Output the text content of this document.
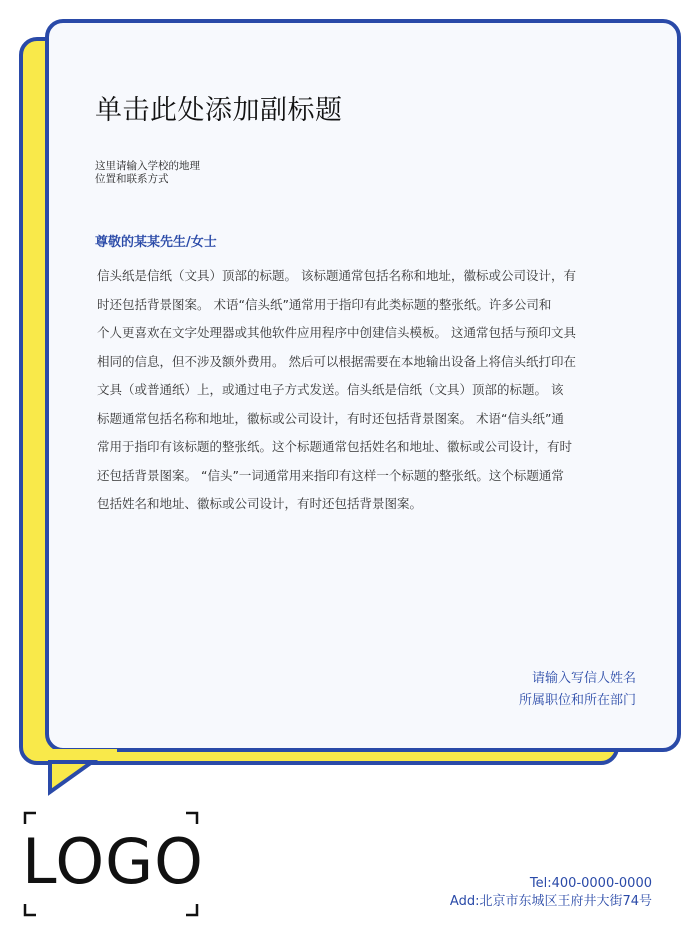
单击此处添加副标题
这里请输入学校的地理
位置和联系方式
尊敬的某某先生/女士
信头纸是信纸（文具）顶部的标题。 该标题通常包括名称和地址，徽标或公司设计，有
时还包括背景图案。 术语“信头纸”通常用于指印有此类标题的整张纸。许多公司和
个人更喜欢在文字处理器或其他软件应用程序中创建信头模板。 这通常包括与预印文具
相同的信息，但不涉及额外费用。 然后可以根据需要在本地输出设备上将信头纸打印在
文具（或普通纸）上，或通过电子方式发送。信头纸是信纸（文具）顶部的标题。 该
标题通常包括名称和地址，徽标或公司设计，有时还包括背景图案。 术语“信头纸”通
常用于指印有该标题的整张纸。这个标题通常包括姓名和地址、徽标或公司设计，有时
还包括背景图案。 “信头”一词通常用来指印有这样一个标题的整张纸。这个标题通常
包括姓名和地址、徽标或公司设计，有时还包括背景图案。
请输入写信人姓名
所属职位和所在部门
LOGO	Tel:400-0000-0000
Add:北京市东城区王府井大街74号
